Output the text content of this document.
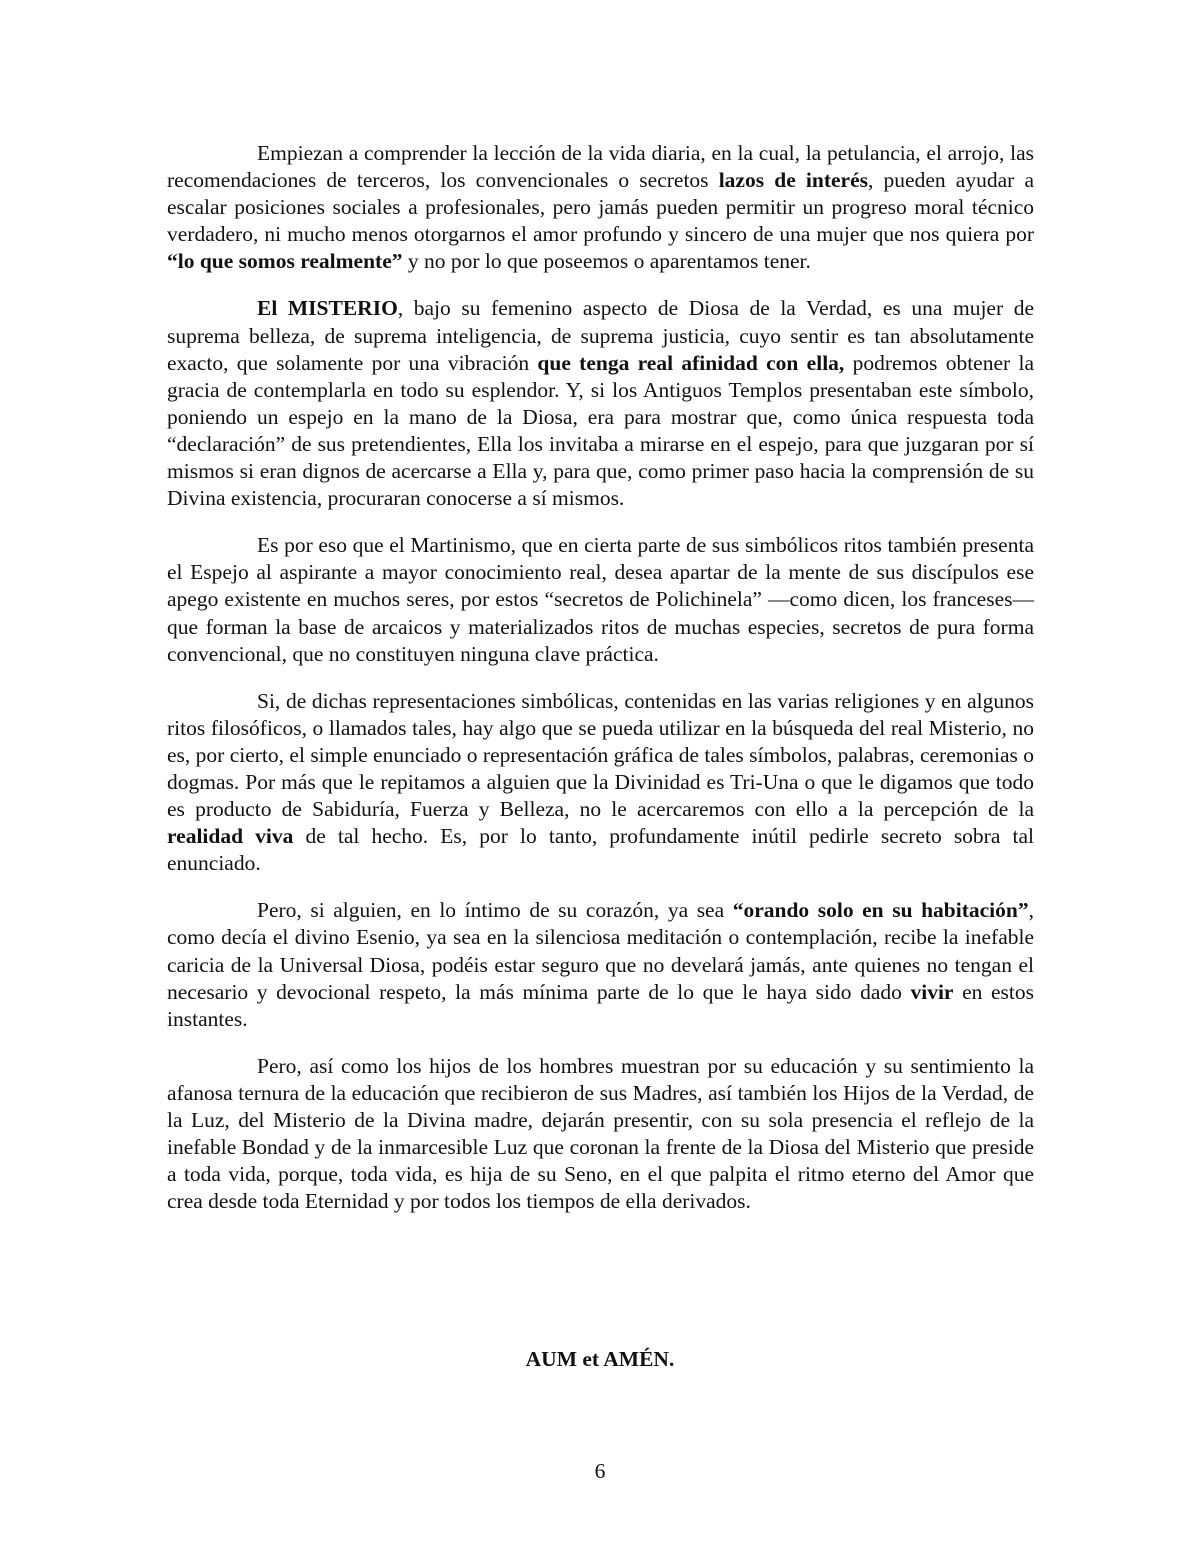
Empiezan a comprender la lección de la vida diaria, en la cual, la petulancia, el arrojo, las recomendaciones de terceros, los convencionales o secretos lazos de interés, pueden ayudar a escalar posiciones sociales a profesionales, pero jamás pueden permitir un progreso moral técnico verdadero, ni mucho menos otorgarnos el amor profundo y sincero de una mujer que nos quiera por “lo que somos realmente” y no por lo que poseemos o aparentamos tener.

El MISTERIO, bajo su femenino aspecto de Diosa de la Verdad, es una mujer de suprema belleza, de suprema inteligencia, de suprema justicia, cuyo sentir es tan absolutamente exacto, que solamente por una vibración que tenga real afinidad con ella, podremos obtener la gracia de contemplarla en todo su esplendor. Y, si los Antiguos Templos presentaban este símbolo, poniendo un espejo en la mano de la Diosa, era para mostrar que, como única respuesta toda “declaración” de sus pretendientes, Ella los invitaba a mirarse en el espejo, para que juzgaran por sí mismos si eran dignos de acercarse a Ella y, para que, como primer paso hacia la comprensión de su Divina existencia, procuraran conocerse a sí mismos.

Es por eso que el Martinismo, que en cierta parte de sus simbólicos ritos también presenta el Espejo al aspirante a mayor conocimiento real, desea apartar de la mente de sus discípulos ese apego existente en muchos seres, por estos “secretos de Polichinela” —como dicen, los franceses— que forman la base de arcaicos y materializados ritos de muchas especies, secretos de pura forma convencional, que no constituyen ninguna clave práctica.

Si, de dichas representaciones simbólicas, contenidas en las varias religiones y en algunos ritos filosóficos, o llamados tales, hay algo que se pueda utilizar en la búsqueda del real Misterio, no es, por cierto, el simple enunciado o representación gráfica de tales símbolos, palabras, ceremonias o dogmas. Por más que le repitamos a alguien que la Divinidad es Tri-Una o que le digamos que todo es producto de Sabiduría, Fuerza y Belleza, no le acercaremos con ello a la percepción de la realidad viva de tal hecho. Es, por lo tanto, profundamente inútil pedirle secreto sobra tal enunciado.

Pero, si alguien, en lo íntimo de su corazón, ya sea “orando solo en su habitación”, como decía el divino Esenio, ya sea en la silenciosa meditación o contemplación, recibe la inefable caricia de la Universal Diosa, podéis estar seguro que no develará jamás, ante quienes no tengan el necesario y devocional respeto, la más mínima parte de lo que le haya sido dado vivir en estos instantes.

Pero, así como los hijos de los hombres muestran por su educación y su sentimiento la afanosa ternura de la educación que recibieron de sus Madres, así también los Hijos de la Verdad, de la Luz, del Misterio de la Divina madre, dejarán presentir, con su sola presencia el reflejo de la inefable Bondad y de la inmarcesible Luz que coronan la frente de la Diosa del Misterio que preside a toda vida, porque, toda vida, es hija de su Seno, en el que palpita el ritmo eterno del Amor que crea desde toda Eternidad y por todos los tiempos de ella derivados.

AUM et AMÉN.
6
